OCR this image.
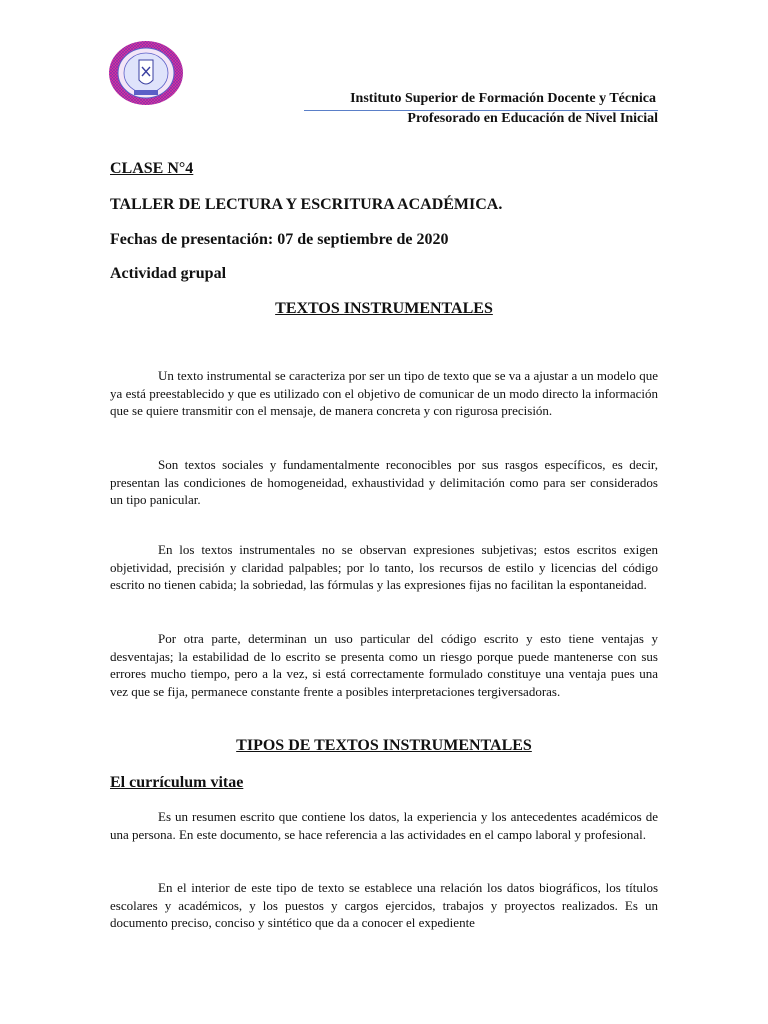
Instituto Superior de Formación Docente y Técnica
Profesorado en Educación de Nivel Inicial
CLASE N°4
TALLER DE LECTURA Y ESCRITURA ACADÉMICA.
Fechas de presentación: 07 de septiembre de 2020
Actividad grupal
TEXTOS INSTRUMENTALES

Un texto instrumental se caracteriza por ser un tipo de texto que se va a ajustar a un modelo que ya está preestablecido y que es utilizado con el objetivo de comunicar de un modo directo la información que se quiere transmitir con el mensaje, de manera concreta y con rigurosa precisión.

Son textos sociales y fundamentalmente reconocibles por sus rasgos específicos, es decir, presentan las condiciones de homogeneidad, exhaustividad y delimitación como para ser considerados un tipo panicular.

En los textos instrumentales no se observan expresiones subjetivas; estos escritos exigen objetividad, precisión y claridad palpables; por lo tanto, los recursos de estilo y licencias del código escrito no tienen cabida; la sobriedad, las fórmulas y las expresiones fijas no facilitan la espontaneidad.

Por otra parte, determinan un uso particular del código escrito y esto tiene ventajas y desventajas; la estabilidad de lo escrito se presenta como un riesgo porque puede mantenerse con sus errores mucho tiempo, pero a la vez, si está correctamente formulado constituye una ventaja pues una vez que se fija, permanece constante frente a posibles interpretaciones tergiversadoras.

TIPOS DE TEXTOS INSTRUMENTALES
El currículum vitae

Es un resumen escrito que contiene los datos, la experiencia y los antecedentes académicos de una persona. En este documento, se hace referencia a las actividades en el campo laboral y profesional.

En el interior de este tipo de texto se establece una relación los datos biográficos, los títulos escolares y académicos, y los puestos y cargos ejercidos, trabajos y proyectos realizados. Es un documento preciso, conciso y sintético que da a conocer el expediente
